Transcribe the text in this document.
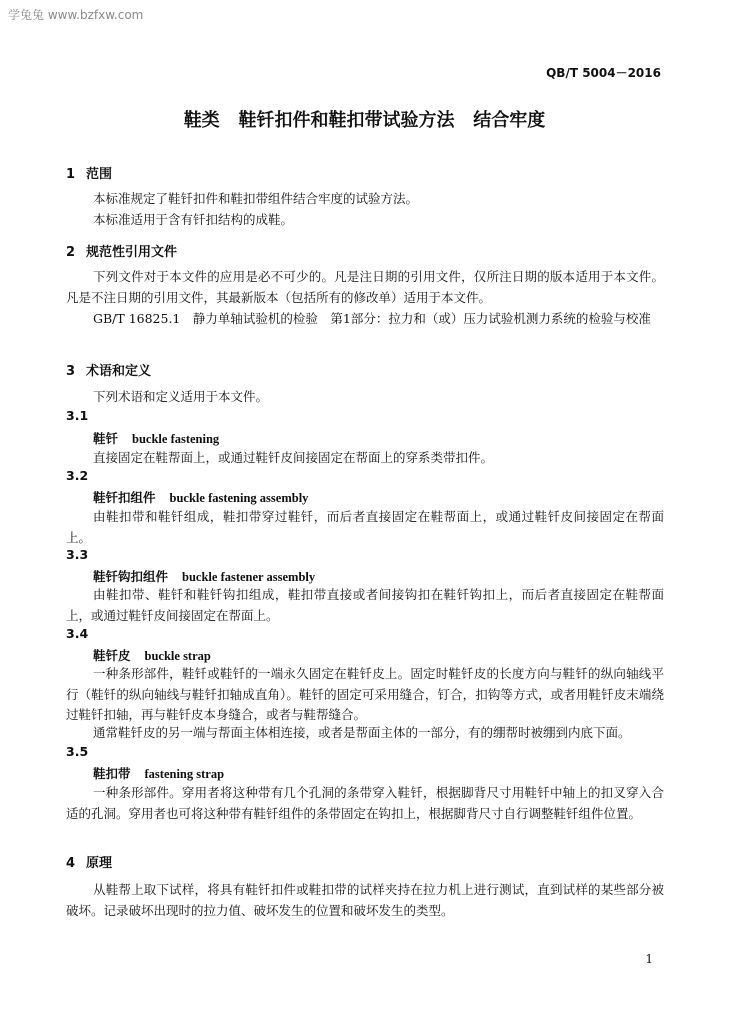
学兔兔 www.bzfxw.com
QB/T 5004－2016
鞋类   鞋钎扣件和鞋扣带试验方法   结合牢度
1 范围
本标准规定了鞋钎扣件和鞋扣带组件结合牢度的试验方法。
本标准适用于含有钎扣结构的成鞋。
2 规范性引用文件
下列文件对于本文件的应用是必不可少的。凡是注日期的引用文件，仅所注日期的版本适用于本文件。凡是不注日期的引用文件，其最新版本（包括所有的修改单）适用于本文件。
GB/T 16825.1　静力单轴试验机的检验　第1部分：拉力和（或）压力试验机测力系统的检验与校准
3 术语和定义
下列术语和定义适用于本文件。
3.1
鞋钎 buckle fastening
直接固定在鞋帮面上，或通过鞋钎皮间接固定在帮面上的穿系类带扣件。
3.2
鞋钎扣组件 buckle fastening assembly
由鞋扣带和鞋钎组成，鞋扣带穿过鞋钎，而后者直接固定在鞋帮面上，或通过鞋钎皮间接固定在帮面上。
3.3
鞋钎钩扣组件 buckle fastener assembly
由鞋扣带、鞋钎和鞋钎钩扣组成，鞋扣带直接或者间接钩扣在鞋钎钩扣上，而后者直接固定在鞋帮面上，或通过鞋钎皮间接固定在帮面上。
3.4
鞋钎皮 buckle strap
一种条形部件，鞋钎或鞋钎的一端永久固定在鞋钎皮上。固定时鞋钎皮的长度方向与鞋钎的纵向轴线平行（鞋钎的纵向轴线与鞋钎扣轴成直角）。鞋钎的固定可采用缝合，钉合，扣钩等方式，或者用鞋钎皮末端绕过鞋钎扣轴，再与鞋钎皮本身缝合，或者与鞋帮缝合。
通常鞋钎皮的另一端与帮面主体相连接，或者是帮面主体的一部分，有的绷帮时被绷到内底下面。
3.5
鞋扣带 fastening strap
一种条形部件。穿用者将这种带有几个孔洞的条带穿入鞋钎，根据脚背尺寸用鞋钎中轴上的扣叉穿入合适的孔洞。穿用者也可将这种带有鞋钎组件的条带固定在钩扣上，根据脚背尺寸自行调整鞋钎组件位置。
4 原理
从鞋帮上取下试样，将具有鞋钎扣件或鞋扣带的试样夹持在拉力机上进行测试，直到试样的某些部分被破坏。记录破坏出现时的拉力值、破坏发生的位置和破坏发生的类型。
1
